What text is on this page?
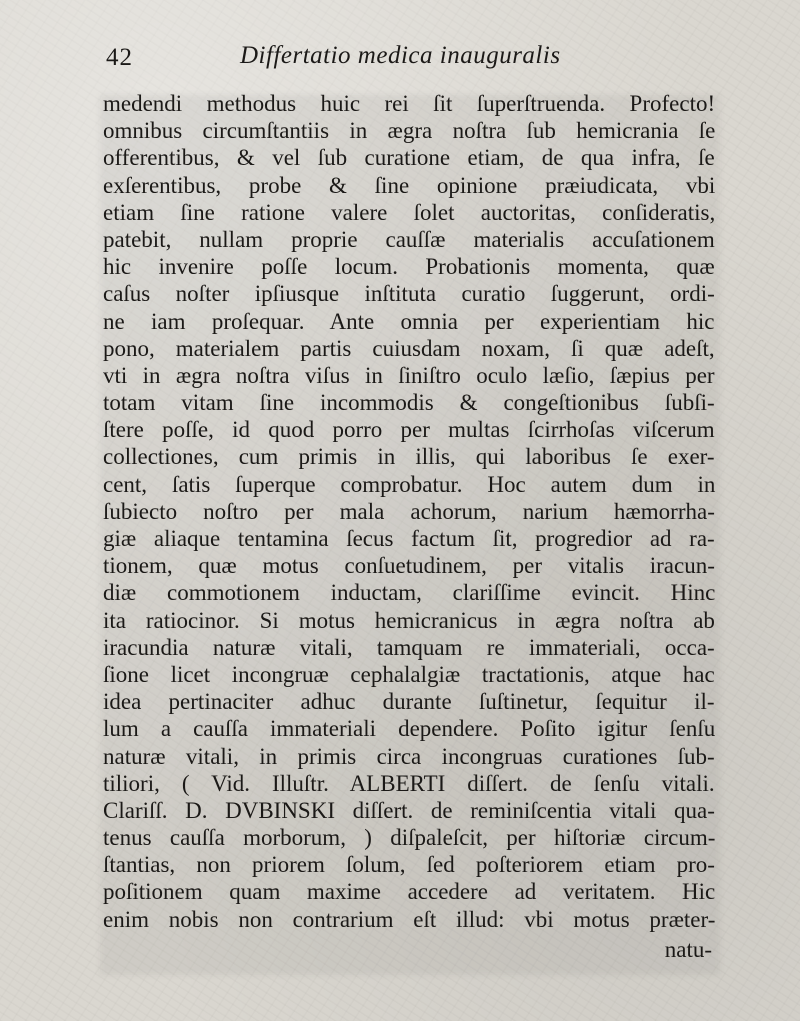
42	Differtatio medica inauguralis
medendi methodus huic rei ſit ſuperſtruenda. Profecto!
omnibus circumſtantiis in ægra noſtra ſub hemicrania ſe
offerentibus, & vel ſub curatione etiam, de qua infra, ſe
exſerentibus, probe & ſine opinione præiudicata, vbi
etiam ſine ratione valere ſolet auctoritas, conſideratis,
patebit, nullam proprie cauſſæ materialis accuſationem
hic invenire poſſe locum. Probationis momenta, quæ
caſus noſter ipſiusque inſtituta curatio ſuggerunt, ordi-
ne iam proſequar. Ante omnia per experientiam hic
pono, materialem partis cuiusdam noxam, ſi quæ adeſt,
vti in ægra noſtra viſus in ſiniſtro oculo læſio, ſæpius per
totam vitam ſine incommodis & congeſtionibus ſubſi-
ſtere poſſe, id quod porro per multas ſcirrhoſas viſcerum
collectiones, cum primis in illis, qui laboribus ſe exer-
cent, ſatis ſuperque comprobatur. Hoc autem dum in
ſubiecto noſtro per mala achorum, narium hæmorrha-
giæ aliaque tentamina ſecus factum ſit, progredior ad ra-
tionem, quæ motus conſuetudinem, per vitalis iracun-
diæ commotionem inductam, clariſſime evincit. Hinc
ita ratiocinor. Si motus hemicranicus in ægra noſtra ab
iracundia naturæ vitali, tamquam re immateriali, occa-
ſione licet incongruæ cephalalgiæ tractationis, atque hac
idea pertinaciter adhuc durante ſuſtinetur, ſequitur il-
lum a cauſſa immateriali dependere. Poſito igitur ſenſu
naturæ vitali, in primis circa incongruas curationes ſub-
tiliori, ( Vid. Illuſtr. ALBERTI diſſert. de ſenſu vitali.
Clariſſ. D. DVBINSKI diſſert. de reminiſcentia vitali qua-
tenus cauſſa morborum, ) diſpaleſcit, per hiſtoriæ circum-
ſtantias, non priorem ſolum, ſed poſteriorem etiam pro-
poſitionem quam maxime accedere ad veritatem. Hic
enim nobis non contrarium eſt illud: vbi motus præter-
natu-
